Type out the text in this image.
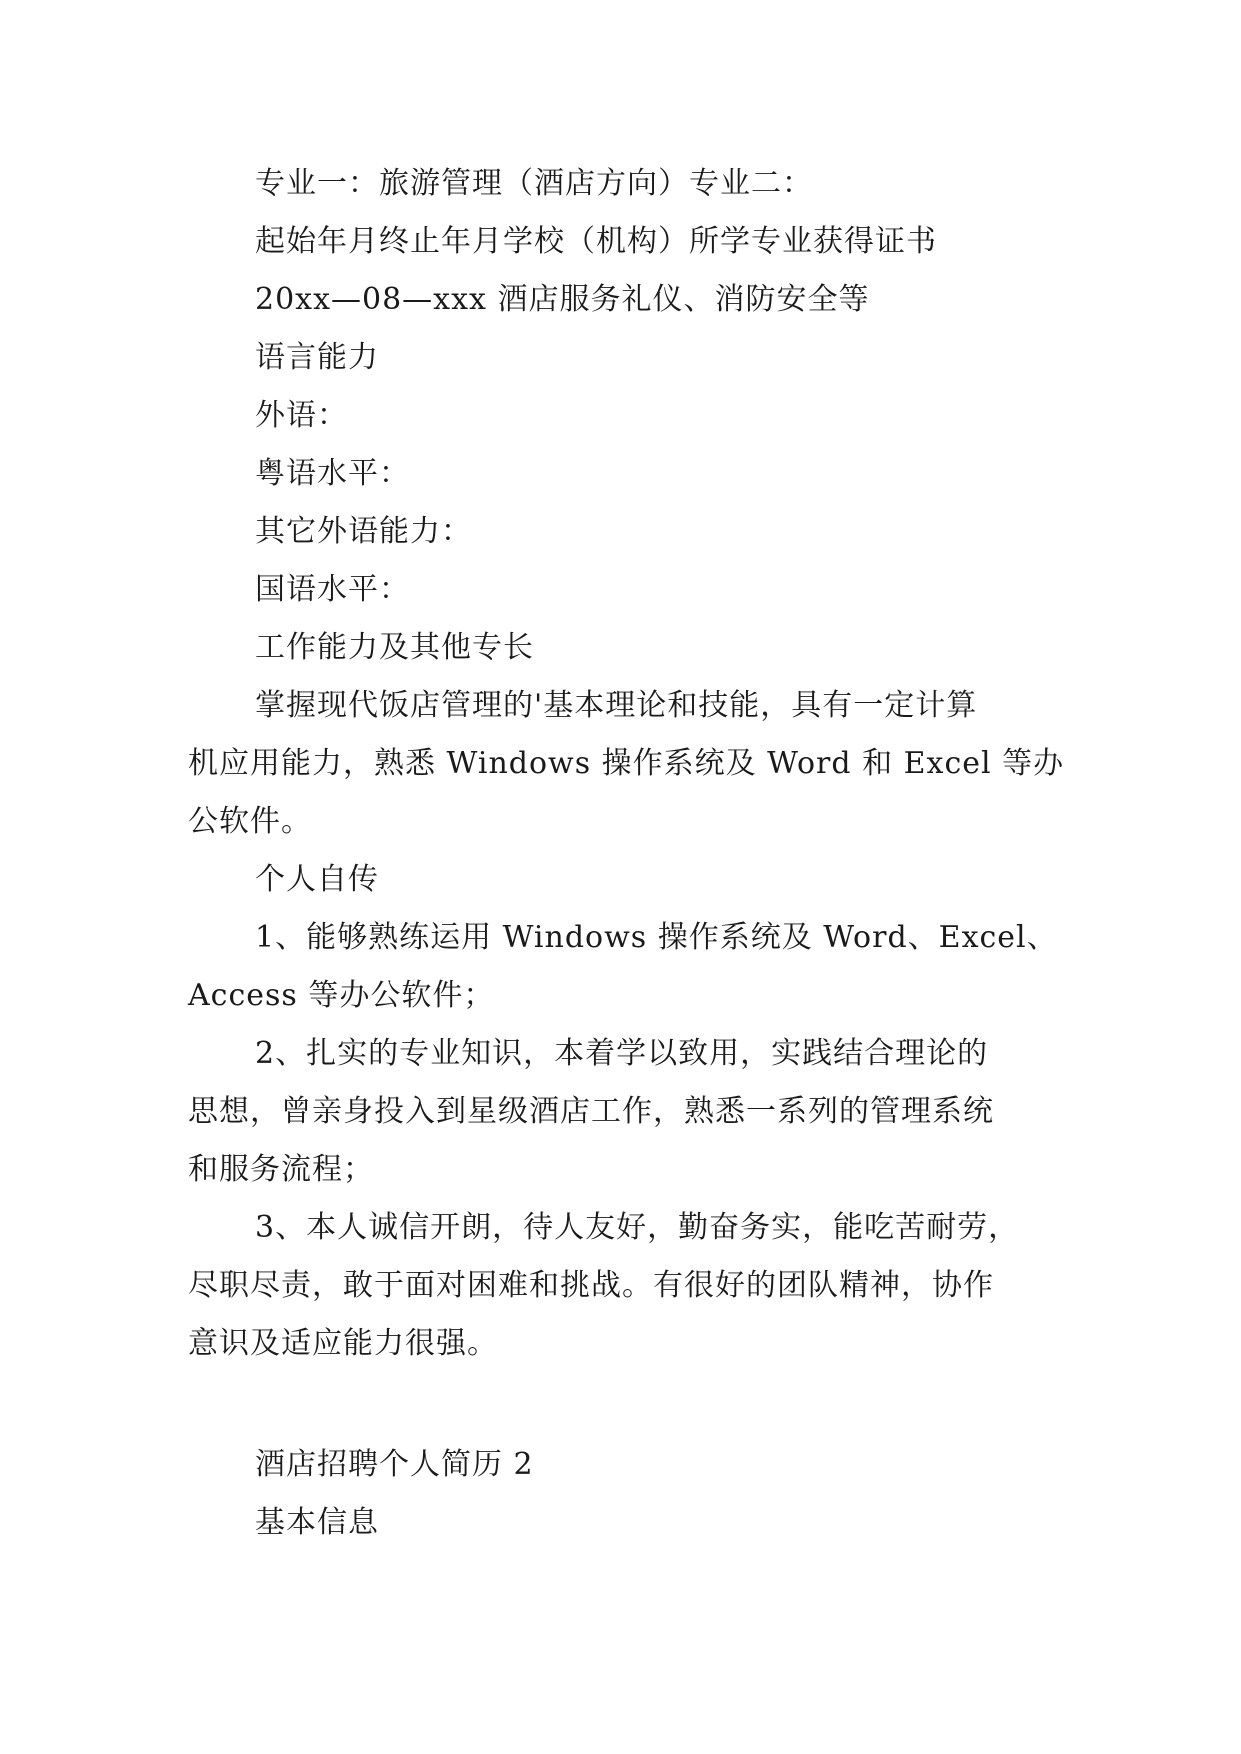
专业一：旅游管理（酒店方向）专业二：
起始年月终止年月学校（机构）所学专业获得证书
20xx—08—xxx 酒店服务礼仪、消防安全等
语言能力
外语：
粤语水平：
其它外语能力：
国语水平：
工作能力及其他专长
掌握现代饭店管理的'基本理论和技能，具有一定计算
机应用能力，熟悉 Windows 操作系统及 Word 和 Excel 等办
公软件。
个人自传
1、能够熟练运用 Windows 操作系统及 Word、Excel、
Access 等办公软件；
2、扎实的专业知识，本着学以致用，实践结合理论的
思想，曾亲身投入到星级酒店工作，熟悉一系列的管理系统
和服务流程；
3、本人诚信开朗，待人友好，勤奋务实，能吃苦耐劳，
尽职尽责，敢于面对困难和挑战。有很好的团队精神，协作
意识及适应能力很强。
酒店招聘个人简历 2
基本信息
